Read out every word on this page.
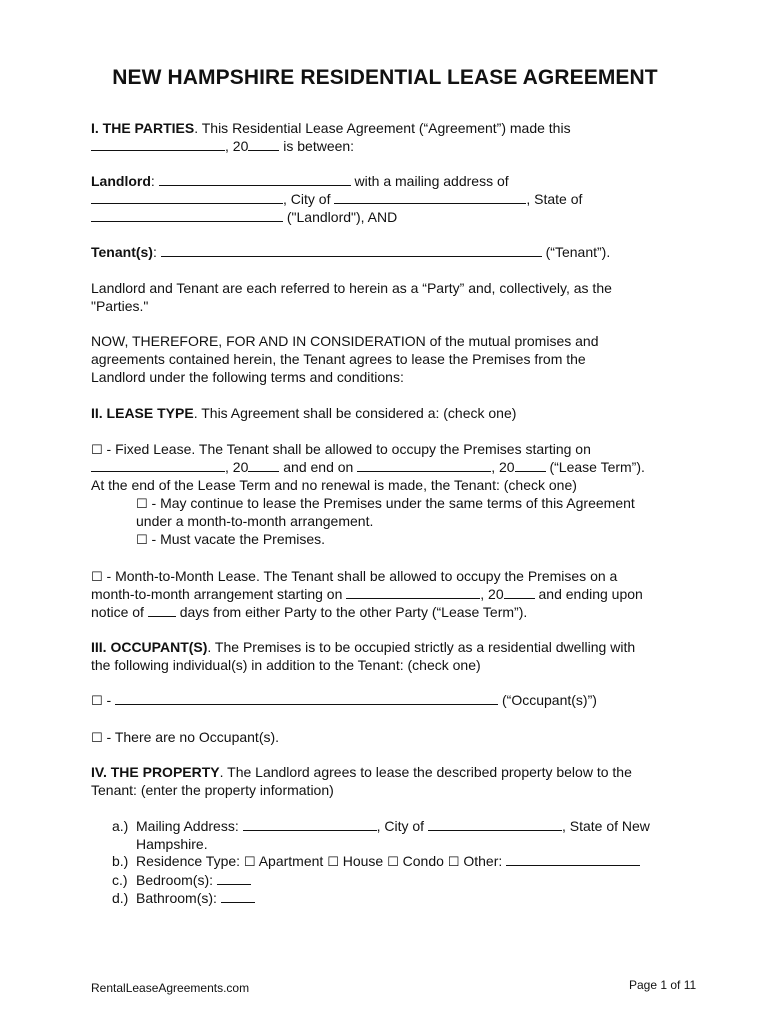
NEW HAMPSHIRE RESIDENTIAL LEASE AGREEMENT
I. THE PARTIES. This Residential Lease Agreement (“Agreement”) made this
, 20 is between:
Landlord:	with a mailing address of
, City of	, State of
("Landlord"), AND
Tenant(s):	(“Tenant”).
Landlord and Tenant are each referred to herein as a “Party” and, collectively, as the
"Parties."
NOW, THEREFORE, FOR AND IN CONSIDERATION of the mutual promises and
agreements contained herein, the Tenant agrees to lease the Premises from the
Landlord under the following terms and conditions:
II. LEASE TYPE. This Agreement shall be considered a: (check one)
☐ - Fixed Lease. The Tenant shall be allowed to occupy the Premises starting on
, 20 and end on	, 20 (“Lease Term”).
At the end of the Lease Term and no renewal is made, the Tenant: (check one)
☐ - May continue to lease the Premises under the same terms of this Agreement
under a month-to-month arrangement.
☐ - Must vacate the Premises.
☐ - Month-to-Month Lease. The Tenant shall be allowed to occupy the Premises on a
month-to-month arrangement starting on	, 20 and ending upon
notice of  days from either Party to the other Party (“Lease Term”).
III. OCCUPANT(S). The Premises is to be occupied strictly as a residential dwelling with
the following individual(s) in addition to the Tenant: (check one)
☐ -	(“Occupant(s)”)
☐ - There are no Occupant(s).
IV. THE PROPERTY. The Landlord agrees to lease the described property below to the
Tenant: (enter the property information)
a.) Mailing Address:	, City of	, State of New
Hampshire.
b.) Residence Type: ☐ Apartment ☐ House ☐ Condo ☐ Other:
c.) Bedroom(s):
d.) Bathroom(s):
RentalLeaseAgreements.com	Page 1 of 11
